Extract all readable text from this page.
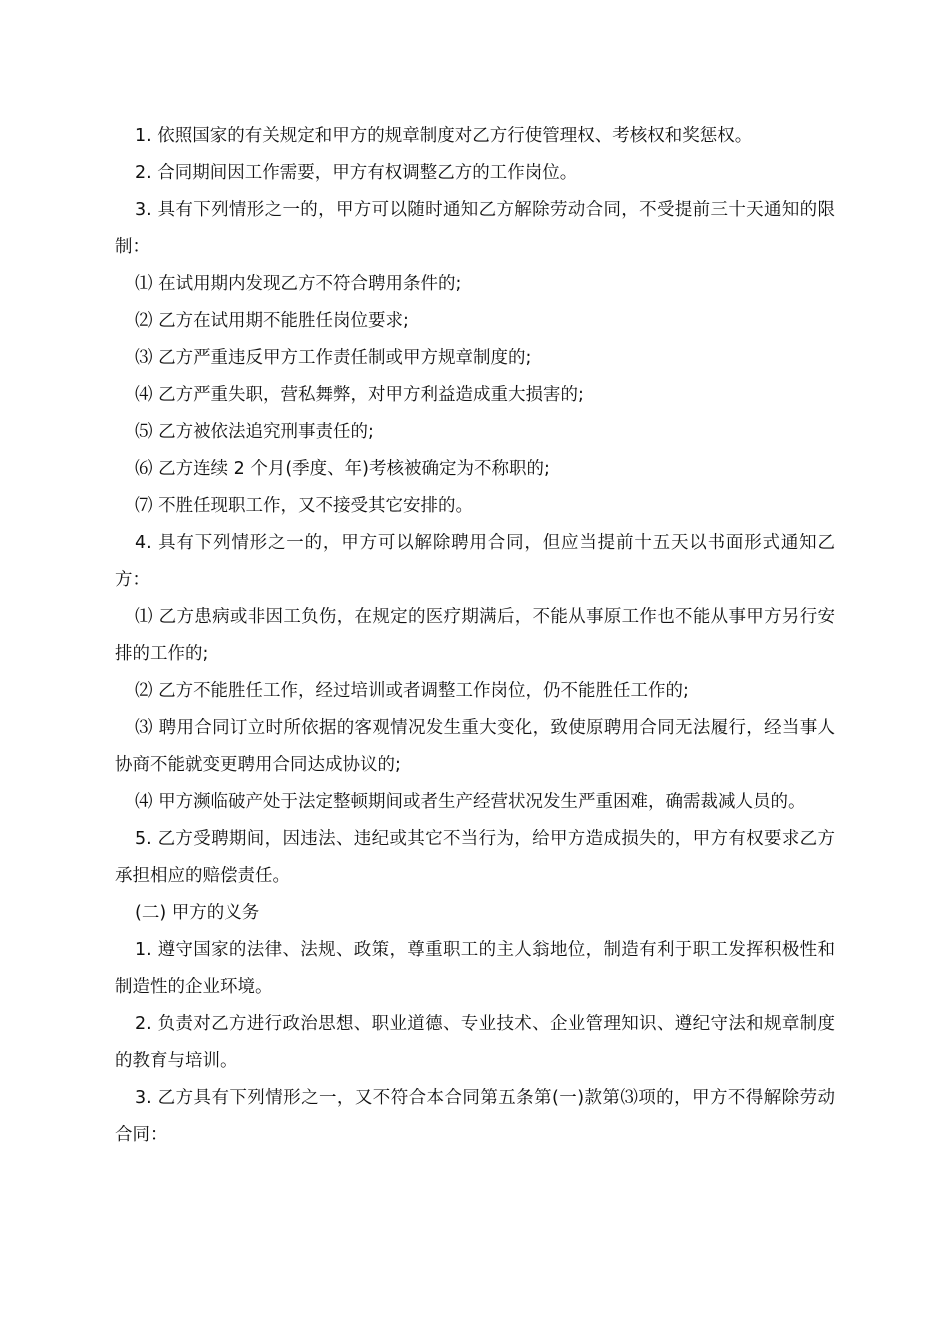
1. 依照国家的有关规定和甲方的规章制度对乙方行使管理权、考核权和奖惩权。

2. 合同期间因工作需要，甲方有权调整乙方的工作岗位。

3. 具有下列情形之一的，甲方可以随时通知乙方解除劳动合同，不受提前三十天通知的限制：

⑴ 在试用期内发现乙方不符合聘用条件的;

⑵ 乙方在试用期不能胜任岗位要求;

⑶ 乙方严重违反甲方工作责任制或甲方规章制度的;

⑷ 乙方严重失职，营私舞弊，对甲方利益造成重大损害的;

⑸ 乙方被依法追究刑事责任的;

⑹ 乙方连续 2 个月(季度、年)考核被确定为不称职的;

⑺ 不胜任现职工作，又不接受其它安排的。

4. 具有下列情形之一的，甲方可以解除聘用合同，但应当提前十五天以书面形式通知乙方：

⑴ 乙方患病或非因工负伤，在规定的医疗期满后，不能从事原工作也不能从事甲方另行安排的工作的;

⑵ 乙方不能胜任工作，经过培训或者调整工作岗位，仍不能胜任工作的;

⑶ 聘用合同订立时所依据的客观情况发生重大变化，致使原聘用合同无法履行，经当事人协商不能就变更聘用合同达成协议的;

⑷ 甲方濒临破产处于法定整顿期间或者生产经营状况发生严重困难，确需裁减人员的。

5. 乙方受聘期间，因违法、违纪或其它不当行为，给甲方造成损失的，甲方有权要求乙方承担相应的赔偿责任。

(二) 甲方的义务

1. 遵守国家的法律、法规、政策，尊重职工的主人翁地位，制造有利于职工发挥积极性和制造性的企业环境。

2. 负责对乙方进行政治思想、职业道德、专业技术、企业管理知识、遵纪守法和规章制度的教育与培训。

3. 乙方具有下列情形之一，又不符合本合同第五条第(一)款第⑶项的，甲方不得解除劳动合同：
